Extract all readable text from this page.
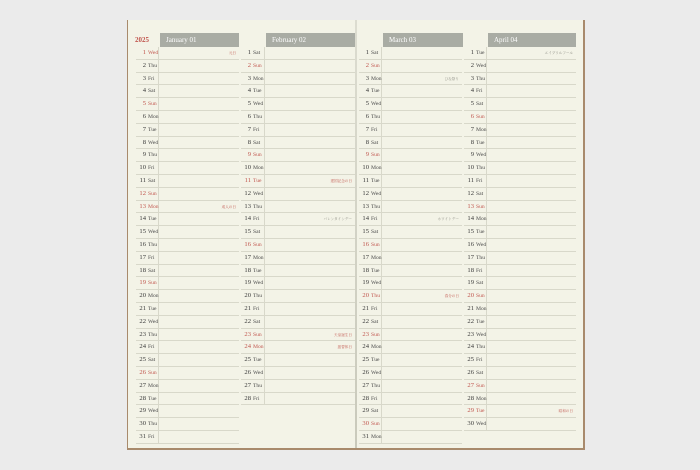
January 01
1 Wed	元日
2 Thu
3 Fri
4 Sat
5 Sun
6 Mon
7 Tue
8 Wed
9 Thu
10 Fri
11 Sat
12 Sun
13 Mon	成人の日
14 Tue
15 Wed
16 Thu
17 Fri
18 Sat
19 Sun
20 Mon
21 Tue
22 Wed
23 Thu
24 Fri
25 Sat
26 Sun
27 Mon
28 Tue
29 Wed
30 Thu
31 Fri
February 02
1 Sat
2 Sun
3 Mon
4 Tue
5 Wed
6 Thu
7 Fri
8 Sat
9 Sun
10 Mon
11 Tue	建国記念の日
12 Wed
13 Thu
14 Fri	バレンタインデー
15 Sat
16 Sun
17 Mon
18 Tue
19 Wed
20 Thu
21 Fri
22 Sat
23 Sun	天皇誕生日
24 Mon	振替休日
25 Tue
26 Wed
27 Thu
28 Fri
March 03
1 Sat
2 Sun
3 Mon	ひな祭り
4 Tue
5 Wed
6 Thu
7 Fri
8 Sat
9 Sun
10 Mon
11 Tue
12 Wed
13 Thu
14 Fri	ホワイトデー
15 Sat
16 Sun
17 Mon
18 Tue
19 Wed
20 Thu	春分の日
21 Fri
22 Sat
23 Sun
24 Mon
25 Tue
26 Wed
27 Thu
28 Fri
29 Sat
30 Sun
31 Mon
April 04
1 Tue	エイプリルフール
2 Wed
3 Thu
4 Fri
5 Sat
6 Sun
7 Mon
8 Tue
9 Wed
10 Thu
11 Fri
12 Sat
13 Sun
14 Mon
15 Tue
16 Wed
17 Thu
18 Fri
19 Sat
20 Sun
21 Mon
22 Tue
23 Wed
24 Thu
25 Fri
26 Sat
27 Sun
28 Mon
29 Tue	昭和の日
30 Wed
2025
